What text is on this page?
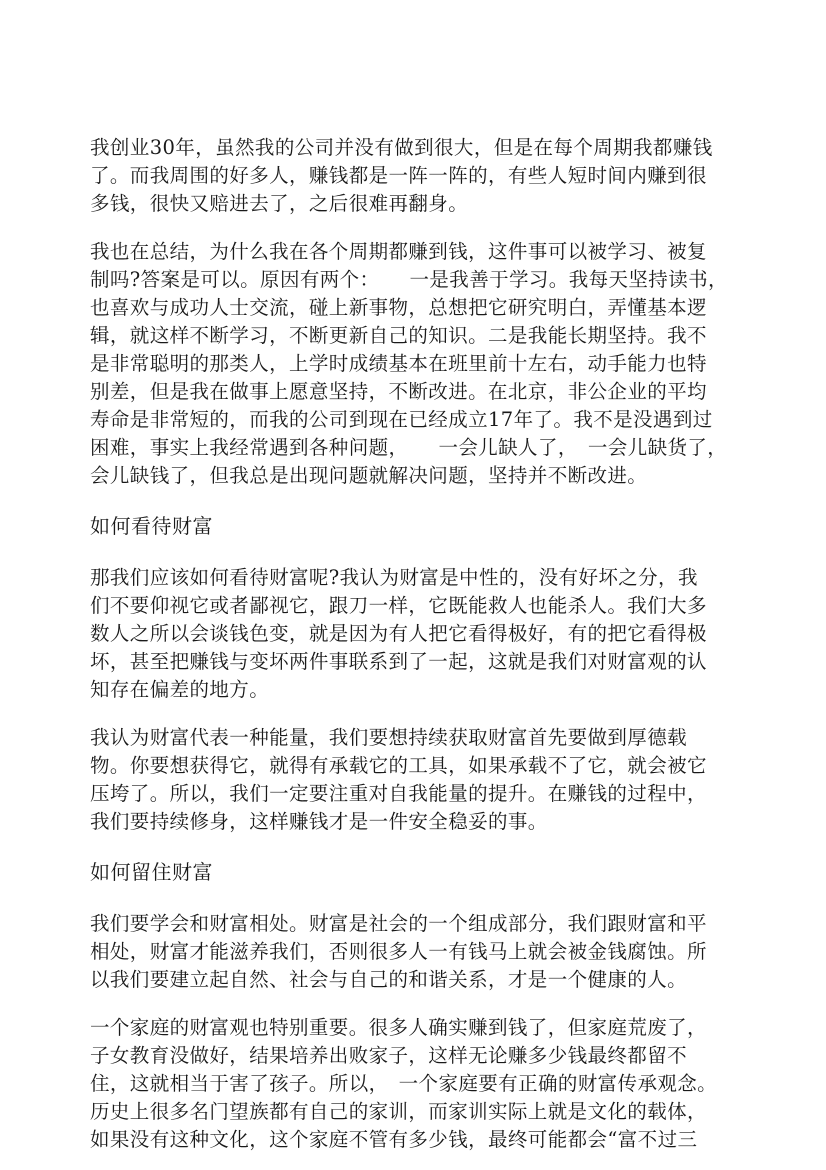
我创业30年，虽然我的公司并没有做到很大，但是在每个周期我都赚钱
了。而我周围的好多人，赚钱都是一阵一阵的，有些人短时间内赚到很
多钱，很快又赔进去了，之后很难再翻身。
我也在总结，为什么我在各个周期都赚到钱，这件事可以被学习、被复
制吗?答案是可以。原因有两个：　　一是我善于学习。我每天坚持读书，
也喜欢与成功人士交流，碰上新事物，总想把它研究明白，弄懂基本逻
辑，就这样不断学习，不断更新自己的知识。二是我能长期坚持。我不
是非常聪明的那类人，上学时成绩基本在班里前十左右，动手能力也特
别差，但是我在做事上愿意坚持，不断改进。在北京，非公企业的平均
寿命是非常短的，而我的公司到现在已经成立17年了。我不是没遇到过
困难，事实上我经常遇到各种问题，　　一会儿缺人了，　一会儿缺货了，
会儿缺钱了，但我总是出现问题就解决问题，坚持并不断改进。
如何看待财富
那我们应该如何看待财富呢?我认为财富是中性的，没有好坏之分，我
们不要仰视它或者鄙视它，跟刀一样，它既能救人也能杀人。我们大多
数人之所以会谈钱色变，就是因为有人把它看得极好，有的把它看得极
坏，甚至把赚钱与变坏两件事联系到了一起，这就是我们对财富观的认
知存在偏差的地方。
我认为财富代表一种能量，我们要想持续获取财富首先要做到厚德载
物。你要想获得它，就得有承载它的工具，如果承载不了它，就会被它
压垮了。所以，我们一定要注重对自我能量的提升。在赚钱的过程中，
我们要持续修身，这样赚钱才是一件安全稳妥的事。
如何留住财富
我们要学会和财富相处。财富是社会的一个组成部分，我们跟财富和平
相处，财富才能滋养我们，否则很多人一有钱马上就会被金钱腐蚀。所
以我们要建立起自然、社会与自己的和谐关系，才是一个健康的人。
一个家庭的财富观也特别重要。很多人确实赚到钱了，但家庭荒废了，
子女教育没做好，结果培养出败家子，这样无论赚多少钱最终都留不
住，这就相当于害了孩子。所以，　一个家庭要有正确的财富传承观念。
历史上很多名门望族都有自己的家训，而家训实际上就是文化的载体，
如果没有这种文化，这个家庭不管有多少钱，最终可能都会“富不过三
